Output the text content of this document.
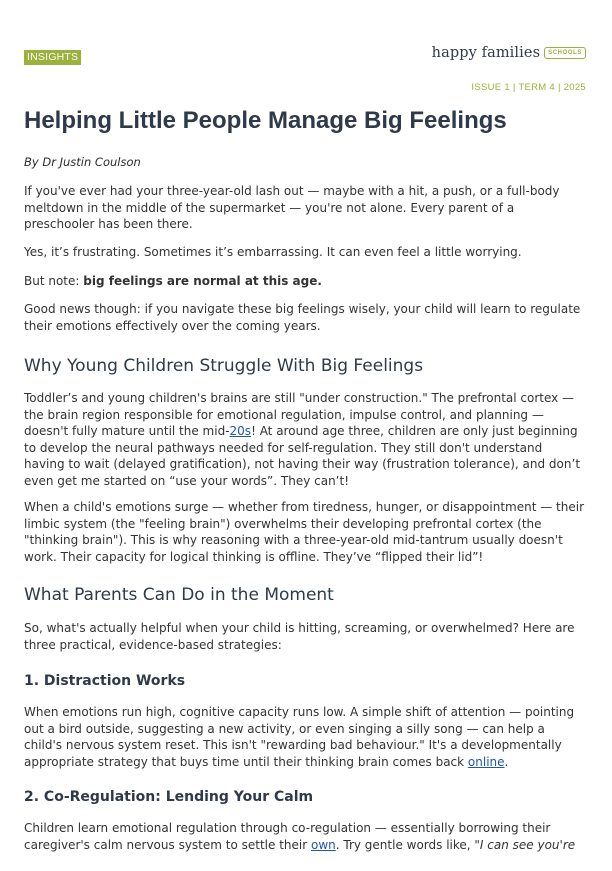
INSIGHTS	happy families	SCHOOLS
ISSUE 1 | TERM 4 | 2025
Helping Little People Manage Big Feelings
By Dr Justin Coulson

If you've ever had your three-year-old lash out — maybe with a hit, a push, or a full-body meltdown in the middle of the supermarket — you're not alone. Every parent of a preschooler has been there.

Yes, it’s frustrating. Sometimes it’s embarrassing. It can even feel a little worrying.

But note: big feelings are normal at this age.

Good news though: if you navigate these big feelings wisely, your child will learn to regulate their emotions effectively over the coming years.

Why Young Children Struggle With Big Feelings

Toddler’s and young children's brains are still "under construction." The prefrontal cortex — the brain region responsible for emotional regulation, impulse control, and planning — doesn't fully mature until the mid-20s! At around age three, children are only just beginning to develop the neural pathways needed for self-regulation. They still don't understand having to wait (delayed gratification), not having their way (frustration tolerance), and don’t even get me started on “use your words”. They can’t!

When a child's emotions surge — whether from tiredness, hunger, or disappointment — their limbic system (the "feeling brain") overwhelms their developing prefrontal cortex (the "thinking brain"). This is why reasoning with a three-year-old mid-tantrum usually doesn't work. Their capacity for logical thinking is offline. They’ve “flipped their lid”!

What Parents Can Do in the Moment

So, what's actually helpful when your child is hitting, screaming, or overwhelmed? Here are three practical, evidence-based strategies:

1. Distraction Works

When emotions run high, cognitive capacity runs low. A simple shift of attention — pointing out a bird outside, suggesting a new activity, or even singing a silly song — can help a child's nervous system reset. This isn't "rewarding bad behaviour." It's a developmentally appropriate strategy that buys time until their thinking brain comes back online.

2. Co-Regulation: Lending Your Calm

Children learn emotional regulation through co-regulation — essentially borrowing their caregiver's calm nervous system to settle their own. Try gentle words like, "I can see you're
